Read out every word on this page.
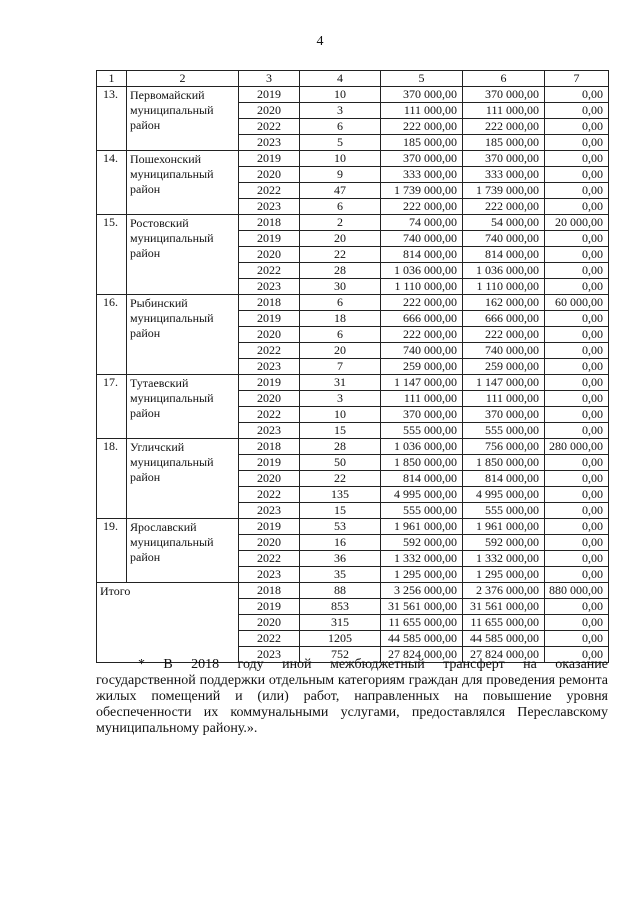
4
1	2	3	4	5	6	7
13.	Первомайский муниципальный район	2019	10	370 000,00	370 000,00	0,00
		2020	3	111 000,00	111 000,00	0,00
		2022	6	222 000,00	222 000,00	0,00
		2023	5	185 000,00	185 000,00	0,00
14.	Пошехонский муниципальный район	2019	10	370 000,00	370 000,00	0,00
		2020	9	333 000,00	333 000,00	0,00
		2022	47	1 739 000,00	1 739 000,00	0,00
		2023	6	222 000,00	222 000,00	0,00
15.	Ростовский муниципальный район	2018	2	74 000,00	54 000,00	20 000,00
		2019	20	740 000,00	740 000,00	0,00
		2020	22	814 000,00	814 000,00	0,00
		2022	28	1 036 000,00	1 036 000,00	0,00
		2023	30	1 110 000,00	1 110 000,00	0,00
16.	Рыбинский муниципальный район	2018	6	222 000,00	162 000,00	60 000,00
		2019	18	666 000,00	666 000,00	0,00
		2020	6	222 000,00	222 000,00	0,00
		2022	20	740 000,00	740 000,00	0,00
		2023	7	259 000,00	259 000,00	0,00
17.	Тутаевский муниципальный район	2019	31	1 147 000,00	1 147 000,00	0,00
		2020	3	111 000,00	111 000,00	0,00
		2022	10	370 000,00	370 000,00	0,00
		2023	15	555 000,00	555 000,00	0,00
18.	Угличский муниципальный район	2018	28	1 036 000,00	756 000,00	280 000,00
		2019	50	1 850 000,00	1 850 000,00	0,00
		2020	22	814 000,00	814 000,00	0,00
		2022	135	4 995 000,00	4 995 000,00	0,00
		2023	15	555 000,00	555 000,00	0,00
19.	Ярославский муниципальный район	2019	53	1 961 000,00	1 961 000,00	0,00
		2020	16	592 000,00	592 000,00	0,00
		2022	36	1 332 000,00	1 332 000,00	0,00
		2023	35	1 295 000,00	1 295 000,00	0,00
Итого		2018	88	3 256 000,00	2 376 000,00	880 000,00
		2019	853	31 561 000,00	31 561 000,00	0,00
		2020	315	11 655 000,00	11 655 000,00	0,00
		2022	1205	44 585 000,00	44 585 000,00	0,00
		2023	752	27 824 000,00	27 824 000,00	0,00

* В 2018 году иной межбюджетный трансферт на оказание

государственной поддержки отдельным категориям граждан для проведения ремонта жилых помещений и (или) работ, направленных на повышение уровня обеспеченности их коммунальными услугами, предоставлялся Переславскому муниципальному району.».
